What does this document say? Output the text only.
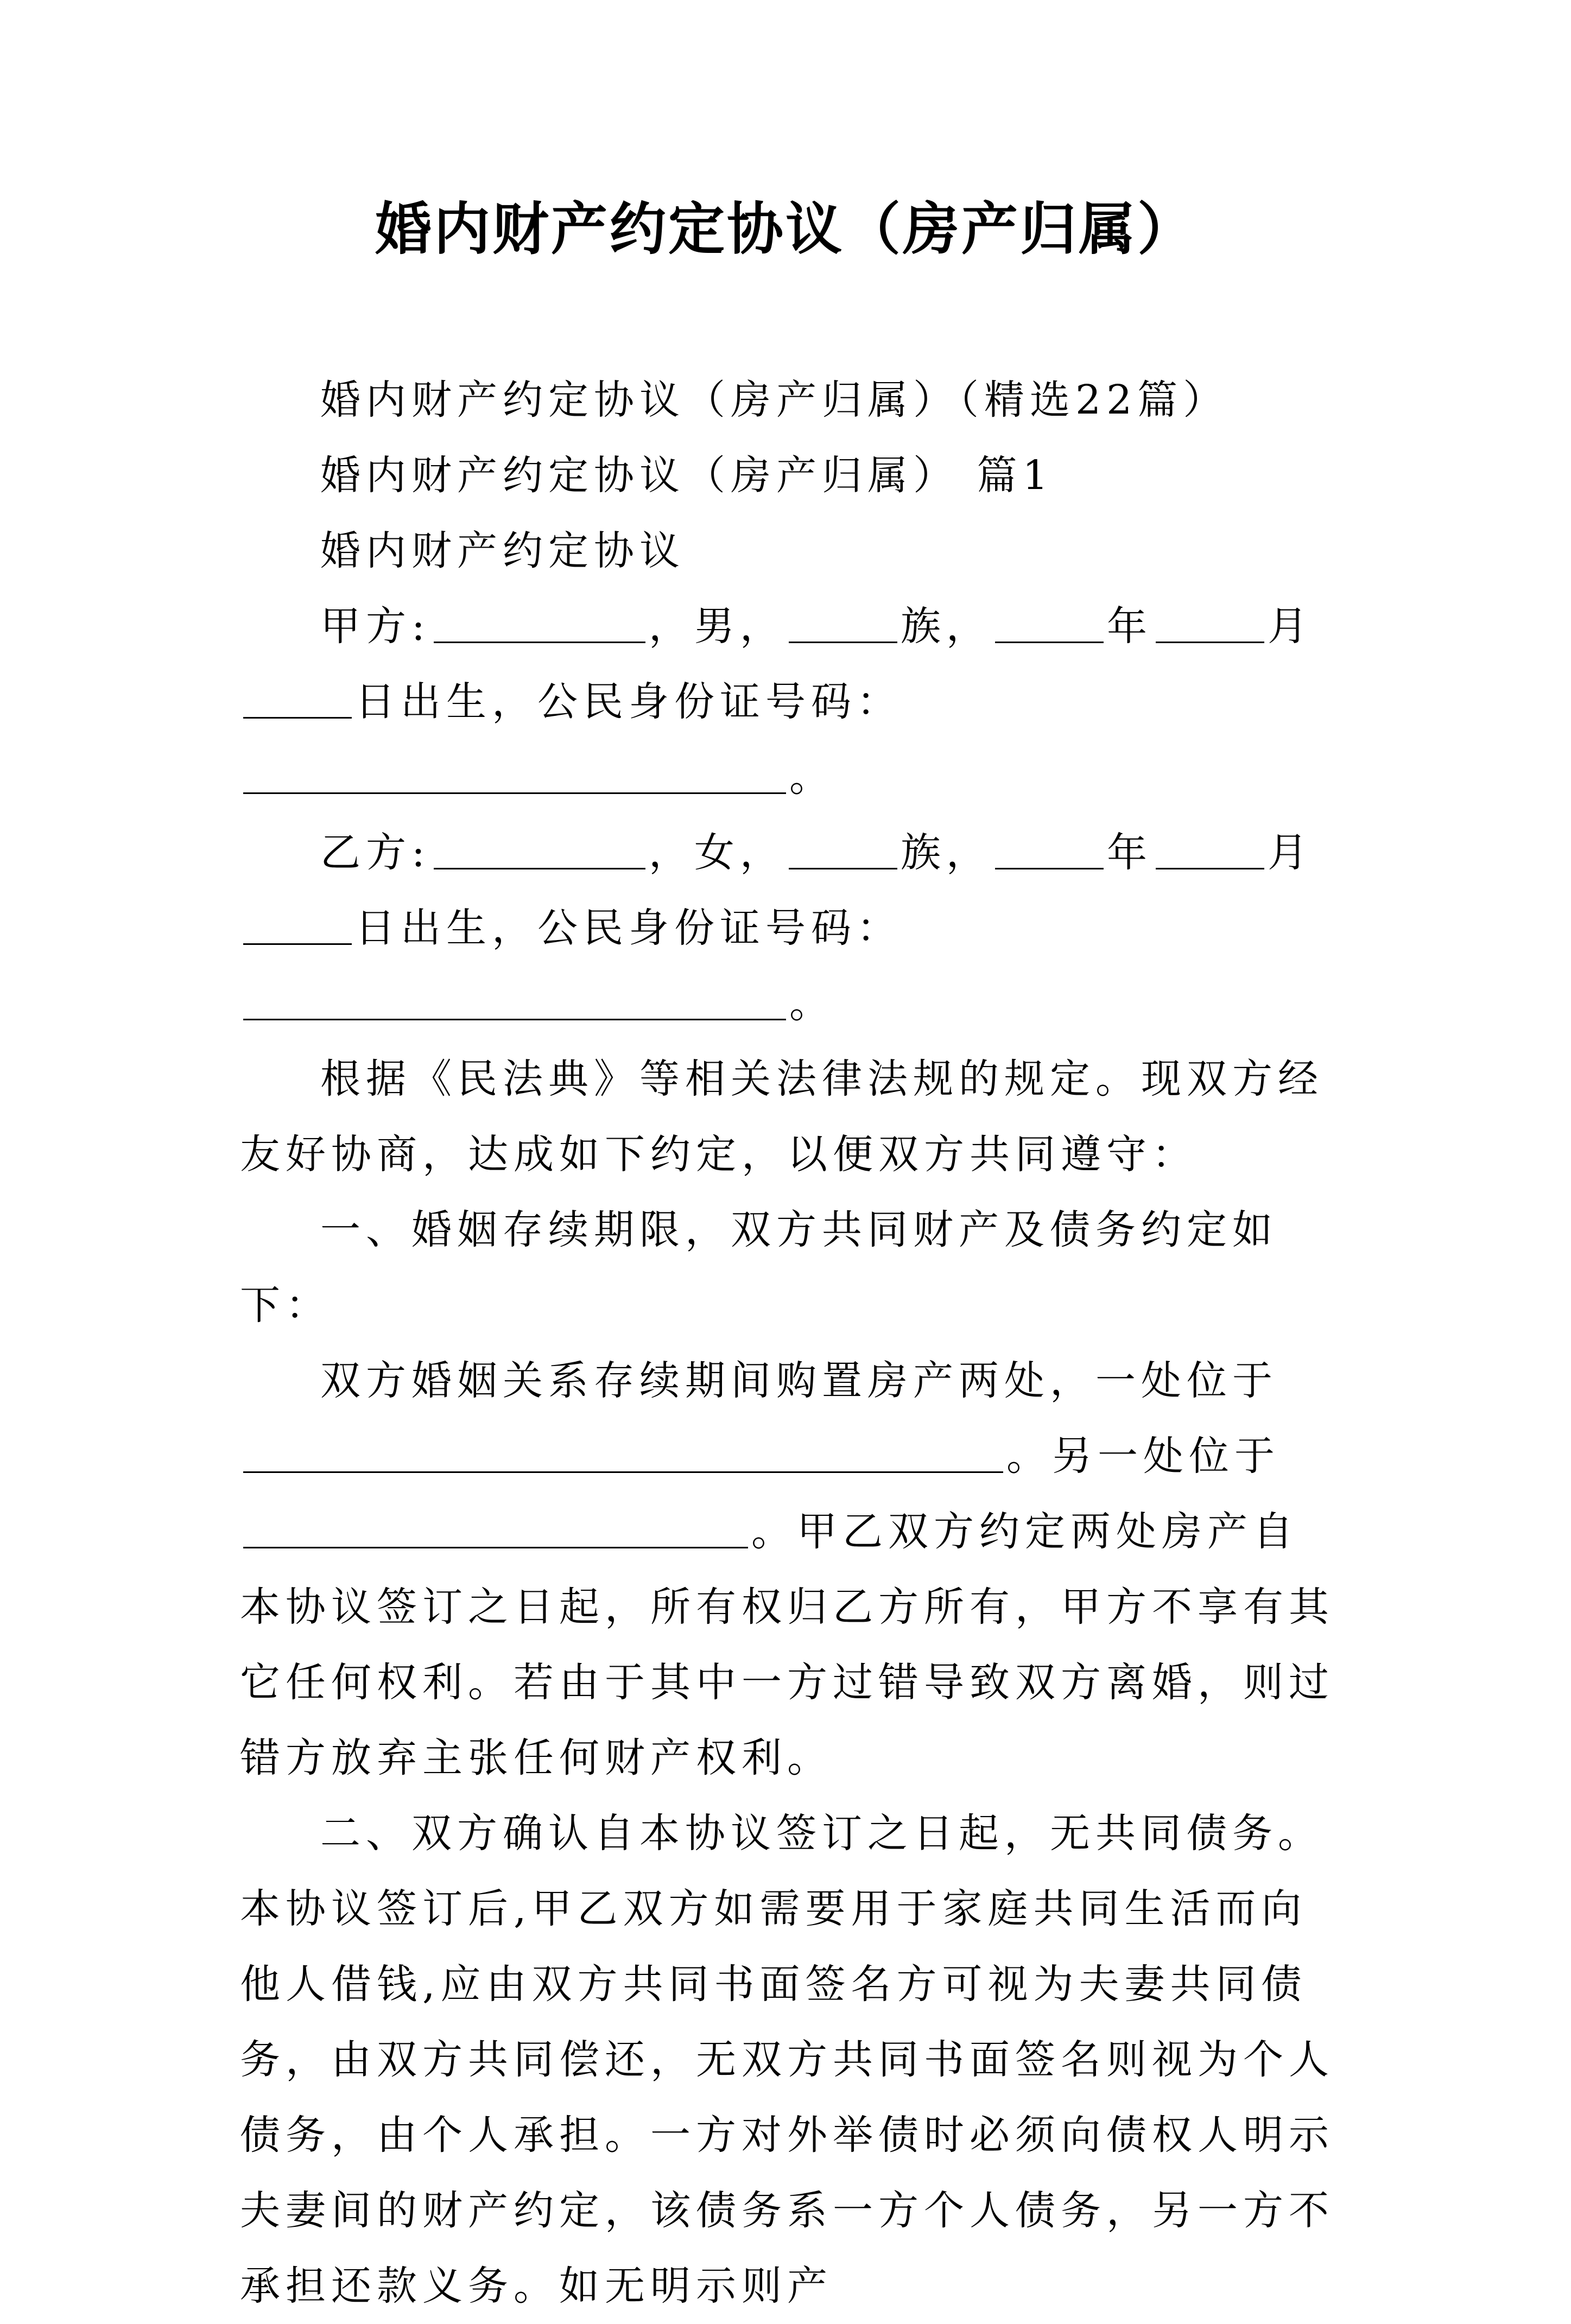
婚内财产约定协议（房产归属）

婚内财产约定协议（房产归属）（精选22篇）

婚内财产约定协议（房产归属） 篇1

婚内财产约定协议

甲方:	，男，	族，	年	月日出生，公民身份证号码：。

乙方:	，女，	族，	年	月日出生，公民身份证号码：。

根据《民法典》等相关法律法规的规定。现双方经友好协商，达成如下约定，以便双方共同遵守：

一、婚姻存续期限，双方共同财产及债务约定如下：

双方婚姻关系存续期间购置房产两处，一处位于。另一处位于。甲乙双方约定两处房产自本协议签订之日起，所有权归乙方所有，甲方不享有其它任何权利。若由于其中一方过错导致双方离婚，则过错方放弃主张任何财产权利。

二、双方确认自本协议签订之日起，无共同债务。本协议签订后,甲乙双方如需要用于家庭共同生活而向他人借钱,应由双方共同书面签名方可视为夫妻共同债务，由双方共同偿还，无双方共同书面签名则视为个人债务，由个人承担。一方对外举债时必须向债权人明示夫妻间的财产约定，该债务系一方个人债务，另一方不承担还款义务。如无明示则产
